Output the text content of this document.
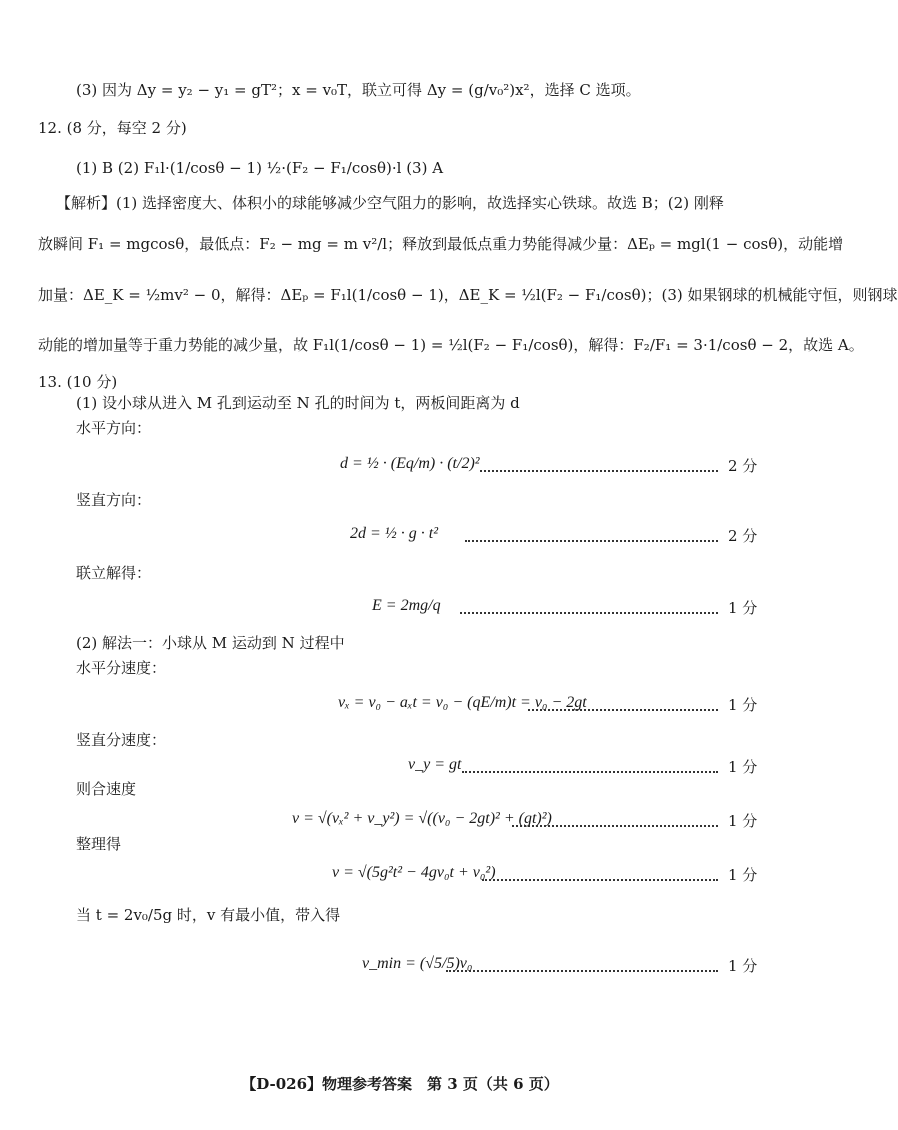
(3) 因为 Δy = y₂ − y₁ = gT²；x = v₀T，联立可得 Δy = (g/v₀²)x²，选择 C 选项。
12. (8 分，每空 2 分)
(1) B (2) F₁l·(1/cosθ − 1) ½·(F₂ − F₁/cosθ)·l (3) A
【解析】(1) 选择密度大、体积小的球能够减少空气阻力的影响，故选择实心铁球。故选 B；(2) 刚释
放瞬间 F₁ = mgcosθ，最低点：F₂ − mg = m v²/l；释放到最低点重力势能得减少量：ΔEₚ = mgl(1 − cosθ)，动能增
加量：ΔE_K = ½mv² − 0，解得：ΔEₚ = F₁l(1/cosθ − 1)，ΔE_K = ½l(F₂ − F₁/cosθ)；(3) 如果钢球的机械能守恒，则钢球
动能的增加量等于重力势能的减少量，故 F₁l(1/cosθ − 1) = ½l(F₂ − F₁/cosθ)，解得：F₂/F₁ = 3·1/cosθ − 2，故选 A。
13. (10 分)
(1) 设小球从进入 M 孔到运动至 N 孔的时间为 t，两板间距离为 d
水平方向：
d = ½ · (Eq/m) · (t/2)²	2 分
竖直方向：
2d = ½ · g · t²	2 分
联立解得：
E = 2mg/q	1 分
(2) 解法一：小球从 M 运动到 N 过程中
水平分速度：
vₓ = v₀ − aₓt = v₀ − (qE/m)t = v₀ − 2gt	1 分
竖直分速度：
v_y = gt	1 分
则合速度
v = √(vₓ² + v_y²) = √((v₀ − 2gt)² + (gt)²)	1 分
整理得
v = √(5g²t² − 4gv₀t + v₀²)	1 分
当 t = 2v₀/5g 时，v 有最小值，带入得
v_min = (√5/5)v₀	1 分
【D-026】物理参考答案　第 3 页（共 6 页）
